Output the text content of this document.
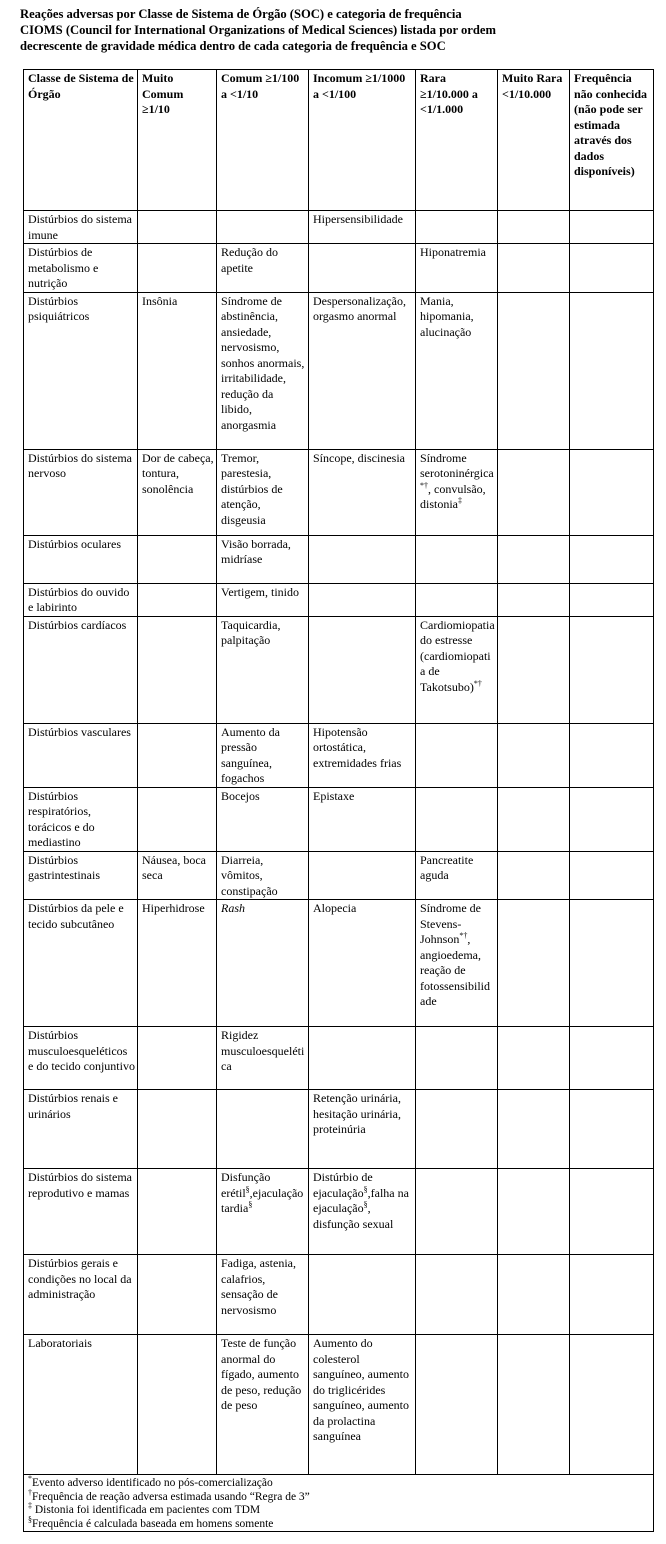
Reações adversas por Classe de Sistema de Órgão (SOC) e categoria de frequência
CIOMS (Council for International Organizations of Medical Sciences) listada por ordem
decrescente de gravidade médica dentro de cada categoria de frequência e SOC
Classe de Sistema de Órgão	Muito Comum ≥1/10	Comum ≥1/100 a <1/10	Incomum ≥1/1000 a <1/100	Rara ≥1/10.000 a <1/1.000	Muito Rara <1/10.000	Frequência não conhecida (não pode ser estimada através dos dados disponíveis)
Distúrbios do sistema imune			Hipersensibilidade			
Distúrbios de metabolismo e nutrição		Redução do apetite		Hiponatremia		
Distúrbios psiquiátricos	Insônia	Síndrome de abstinência, ansiedade, nervosismo, sonhos anormais, irritabilidade, redução da libido, anorgasmia	Despersonalização, orgasmo anormal	Mania, hipomania, alucinação		
Distúrbios do sistema nervoso	Dor de cabeça, tontura, sonolência	Tremor, parestesia, distúrbios de atenção, disgeusia	Síncope, discinesia	Síndrome serotoninérgica*†, convulsão, distonia‡		
Distúrbios oculares		Visão borrada, midríase				
Distúrbios do ouvido e labirinto		Vertigem, tinido				
Distúrbios cardíacos		Taquicardia, palpitação		Cardiomiopatia do estresse (cardiomiopatia de Takotsubo)*†		
Distúrbios vasculares		Aumento da pressão sanguínea, fogachos	Hipotensão ortostática, extremidades frias			
Distúrbios respiratórios, torácicos e do mediastino		Bocejos	Epistaxe			
Distúrbios gastrintestinais	Náusea, boca seca	Diarreia, vômitos, constipação		Pancreatite aguda		
Distúrbios da pele e tecido subcutâneo	Hiperhidrose	Rash	Alopecia	Síndrome de Stevens-Johnson*†, angioedema, reação de fotossensibilidade		
Distúrbios musculoesqueléticos e do tecido conjuntivo		Rigidez musculoesquelética				
Distúrbios renais e urinários			Retenção urinária, hesitação urinária, proteinúria			
Distúrbios do sistema reprodutivo e mamas		Disfunção erétil§,ejaculação tardia§	Distúrbio de ejaculação§,falha na ejaculação§, disfunção sexual			
Distúrbios gerais e condições no local da administração		Fadiga, astenia, calafrios, sensação de nervosismo				
Laboratoriais		Teste de função anormal do fígado, aumento de peso, redução de peso	Aumento do colesterol sanguíneo, aumento do triglicérides sanguíneo, aumento da prolactina sanguínea			

*Evento adverso identificado no pós-comercialização
†Frequência de reação adversa estimada usando “Regra de 3”
‡ Distonia foi identificada em pacientes com TDM
§Frequência é calculada baseada em homens somente						
